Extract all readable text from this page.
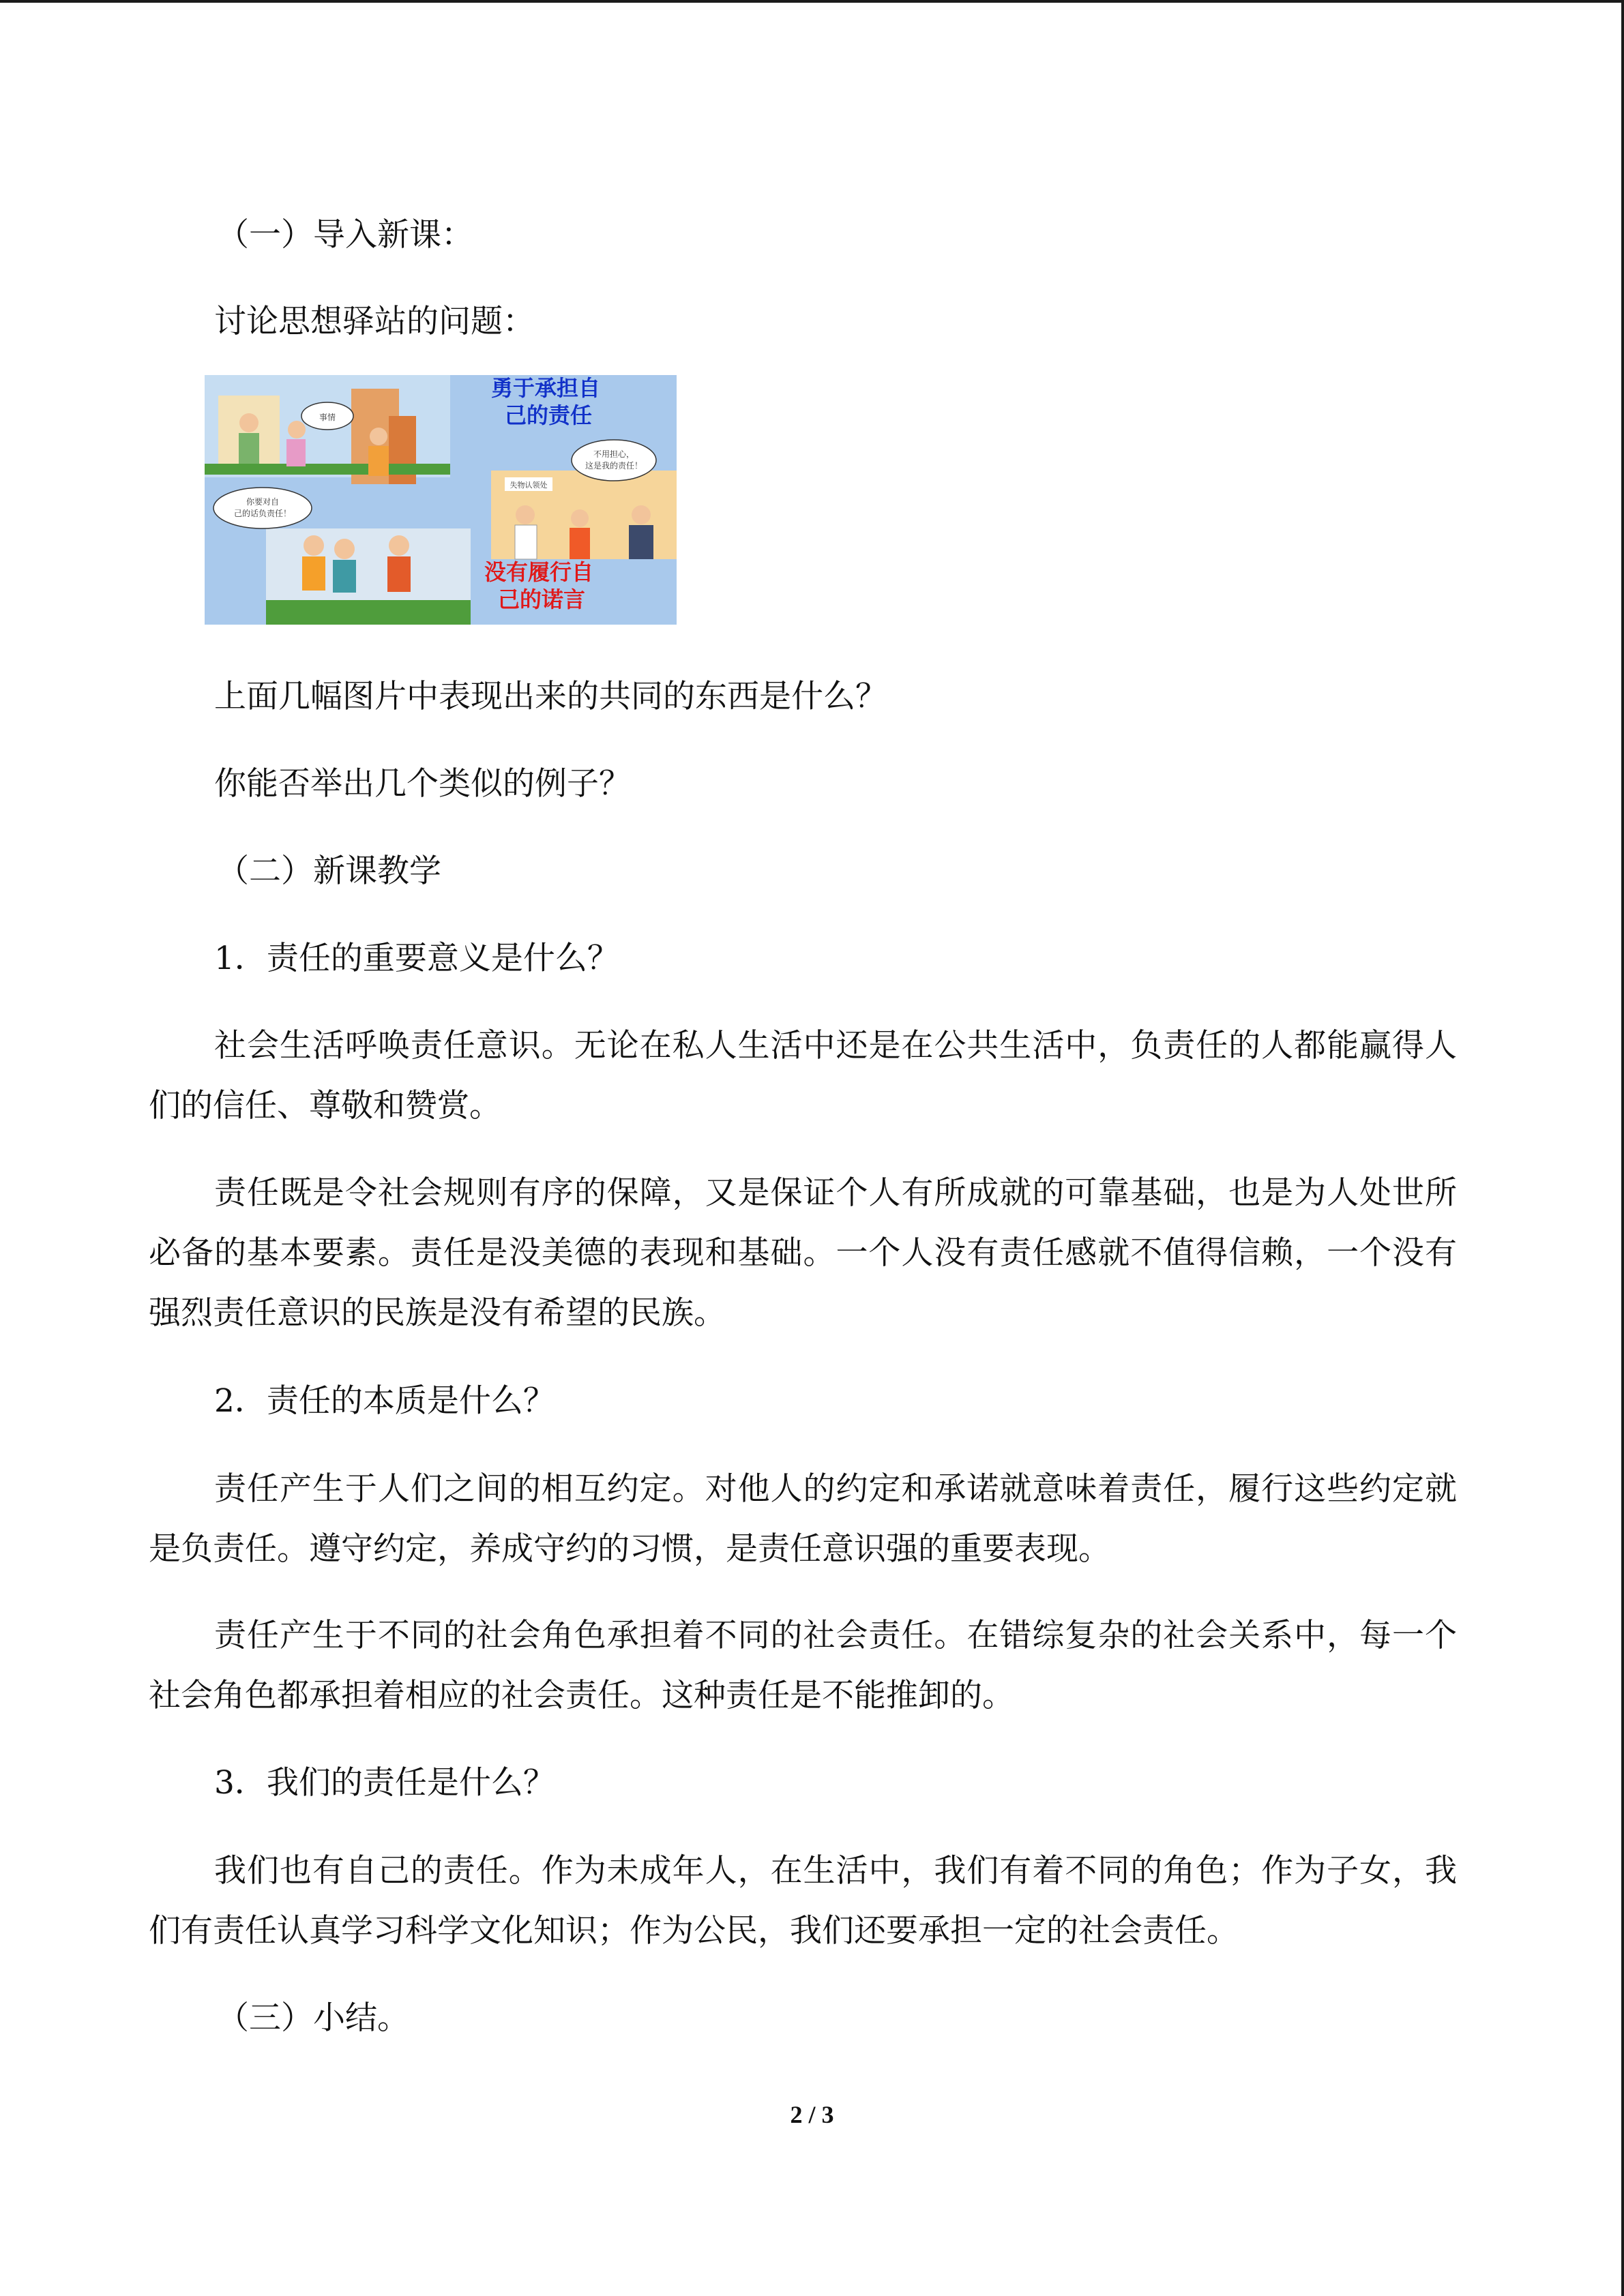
（一）导入新课：
讨论思想驿站的问题：
事情
勇于承担自
己的责任
失物认领处
不用担心，
这是我的责任！
你要对自
己的话负责任！
没有履行自
己的诺言
上面几幅图片中表现出来的共同的东西是什么？
你能否举出几个类似的例子？
（二）新课教学
1．责任的重要意义是什么？

社会生活呼唤责任意识。无论在私人生活中还是在公共生活中，负责任的人都能赢得人们的信任、尊敬和赞赏。

责任既是令社会规则有序的保障，又是保证个人有所成就的可靠基础，也是为人处世所必备的基本要素。责任是没美德的表现和基础。一个人没有责任感就不值得信赖，一个没有强烈责任意识的民族是没有希望的民族。

2．责任的本质是什么？

责任产生于人们之间的相互约定。对他人的约定和承诺就意味着责任，履行这些约定就是负责任。遵守约定，养成守约的习惯，是责任意识强的重要表现。

责任产生于不同的社会角色承担着不同的社会责任。在错综复杂的社会关系中，每一个社会角色都承担着相应的社会责任。这种责任是不能推卸的。

3．我们的责任是什么？

我们也有自己的责任。作为未成年人，在生活中，我们有着不同的角色；作为子女，我们有责任认真学习科学文化知识；作为公民，我们还要承担一定的社会责任。

（三）小结。
2 / 3
